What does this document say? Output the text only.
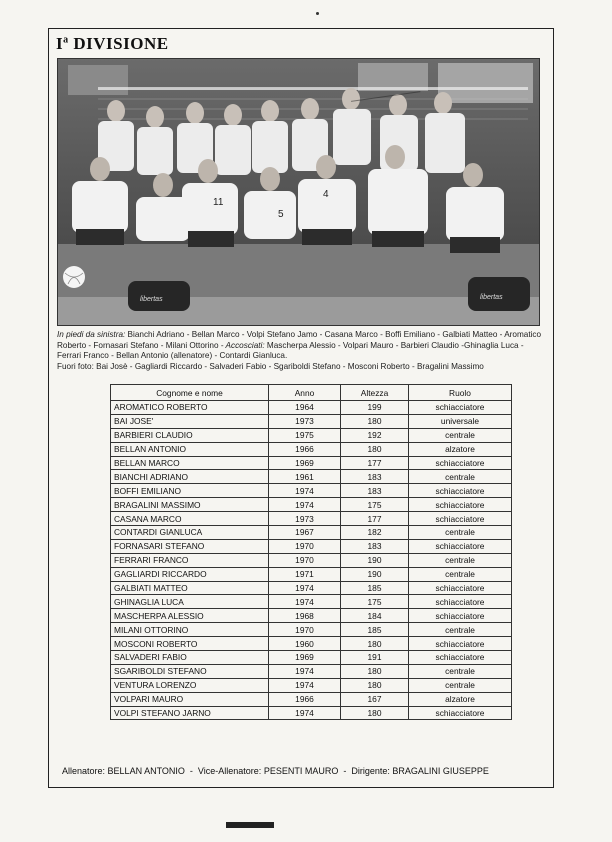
$I^a$ DIVISIONE
11
5
4
libertas	libertas
In piedi da sinistra: Bianchi Adriano - Bellan Marco - Volpi Stefano Jamo - Casana Marco - Boffi Emiliano - Galbiati Matteo - Aromatico Roberto - Fornasari Stefano - Milani Ottorino - Accosciati: Mascherpa Alessio - Volpari Mauro - Barbieri Claudio -Ghinaglia Luca - Ferrari Franco - Bellan Antonio (allenatore) - Contardi Gianluca.
Fuori foto: Bai Josè - Gagliardi Riccardo - Salvaderi Fabio - Sgariboldi Stefano - Mosconi Roberto - Bragalini Massimo
Cognome e nome	Anno	Altezza	Ruolo
AROMATICO ROBERTO	1964	199	schiacciatore
BAI JOSE'	1973	180	universale
BARBIERI CLAUDIO	1975	192	centrale
BELLAN ANTONIO	1966	180	alzatore
BELLAN MARCO	1969	177	schiacciatore
BIANCHI ADRIANO	1961	183	centrale
BOFFI EMILIANO	1974	183	schiacciatore
BRAGALINI MASSIMO	1974	175	schiacciatore
CASANA MARCO	1973	177	schiacciatore
CONTARDI GIANLUCA	1967	182	centrale
FORNASARI STEFANO	1970	183	schiacciatore
FERRARI FRANCO	1970	190	centrale
GAGLIARDI RICCARDO	1971	190	centrale
GALBIATI MATTEO	1974	185	schiacciatore
GHINAGLIA LUCA	1974	175	schiacciatore
MASCHERPA ALESSIO	1968	184	schiacciatore
MILANI OTTORINO	1970	185	centrale
MOSCONI ROBERTO	1960	180	schiacciatore
SALVADERI FABIO	1969	191	schiacciatore
SGARIBOLDI STEFANO	1974	180	centrale
VENTURA LORENZO	1974	180	centrale
VOLPARI MAURO	1966	167	alzatore
VOLPI STEFANO JARNO	1974	180	schiacciatore
Allenatore: BELLAN ANTONIO  -  Vice-Allenatore: PESENTI MAURO  -  Dirigente: BRAGALINI GIUSEPPE
